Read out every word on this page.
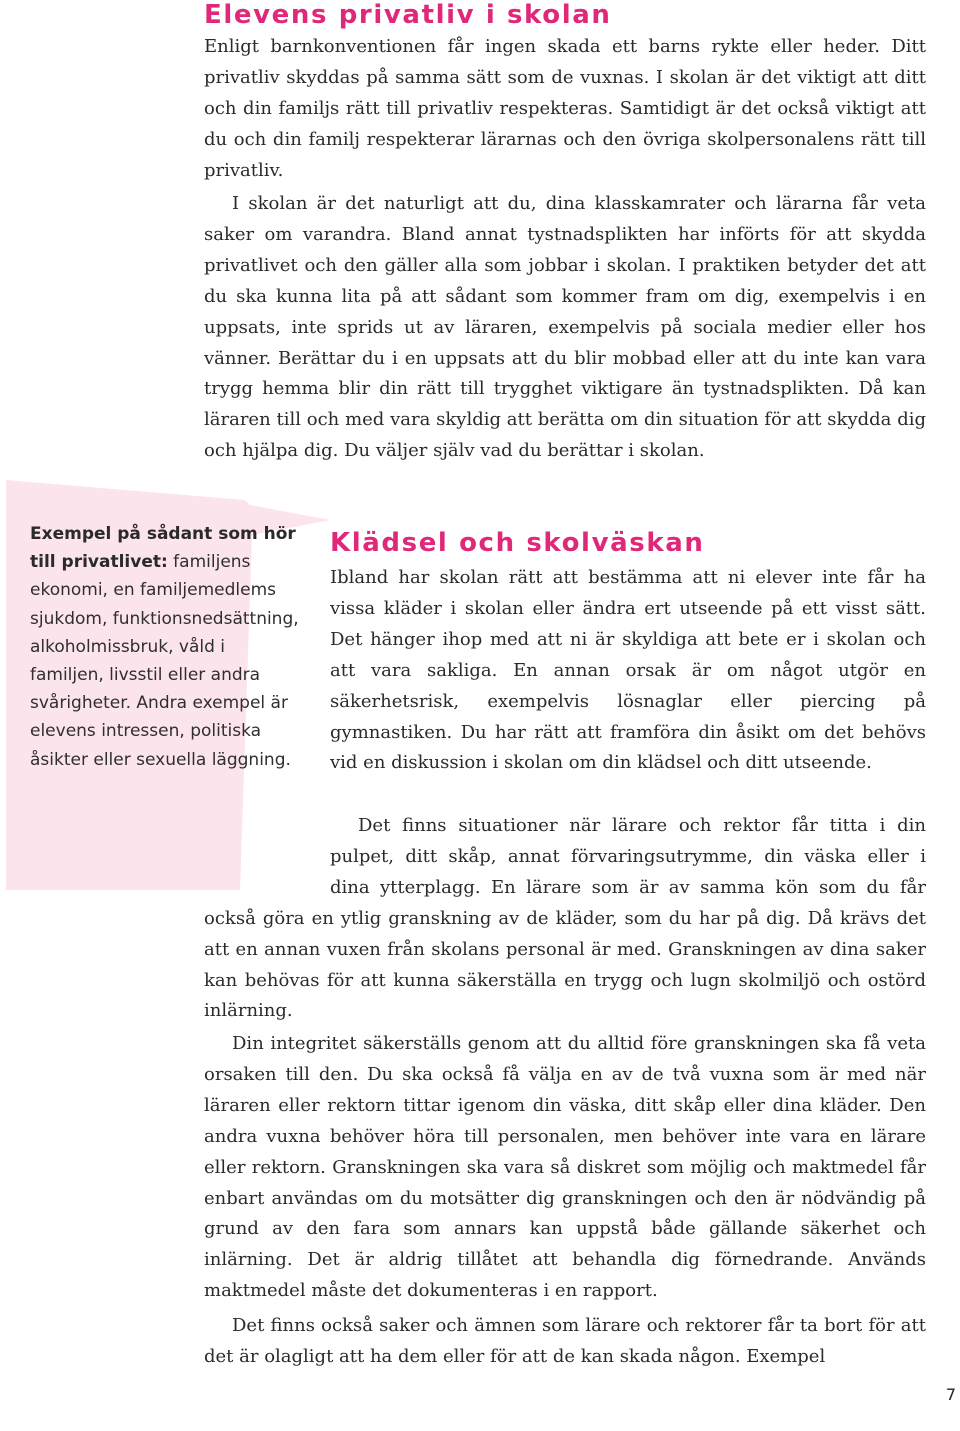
Elevens privatliv i skolan

Enligt barnkonventionen får ingen skada ett barns rykte eller heder. Ditt privatliv skyddas på samma sätt som de vuxnas. I skolan är det viktigt att ditt och din familjs rätt till privatliv respekteras. Samtidigt är det också viktigt att du och din familj respekterar lärarnas och den övriga skolpersonalens rätt till privatliv.

I skolan är det naturligt att du, dina klasskamrater och lärarna får veta saker om varandra. Bland annat tystnadsplikten har införts för att skydda privatlivet och den gäller alla som jobbar i skolan. I praktiken betyder det att du ska kunna lita på att sådant som kommer fram om dig, exempelvis i en uppsats, inte sprids ut av läraren, exempelvis på sociala medier eller hos vänner. Berättar du i en uppsats att du blir mobbad eller att du inte kan vara trygg hemma blir din rätt till trygghet viktigare än tystnadsplikten. Då kan läraren till och med vara skyldig att berätta om din situation för att skydda dig och hjälpa dig. Du väljer själv vad du berättar i skolan.

Exempel på sådant som hör till privatlivet: familjens ekonomi, en familjemedlems sjukdom, funktionsnedsättning, alkoholmissbruk, våld i familjen, livsstil eller andra svårigheter. Andra exempel är elevens intressen, politiska åsikter eller sexuella läggning.

Klädsel och skolväskan

Ibland har skolan rätt att bestämma att ni elever inte får ha vissa kläder i skolan eller ändra ert utseende på ett visst sätt. Det hänger ihop med att ni är skyldiga att bete er i skolan och att vara sakliga. En annan orsak är om något utgör en säkerhetsrisk, exempelvis lösnaglar eller piercing på gymnastiken. Du har rätt att framföra din åsikt om det behövs vid en diskussion i skolan om din klädsel och ditt utseende.

Det finns situationer när lärare och rektor får titta i din pulpet, ditt skåp, annat förvaringsutrymme, din väska eller i dina ytterplagg. En lärare som är av samma kön som du får också göra en ytlig granskning av de kläder, som du har på dig. Då krävs det att en annan vuxen från skolans personal är med. Granskningen av dina saker kan behövas för att kunna säkerställa en trygg och lugn skolmiljö och ostörd inlärning.

Din integritet säkerställs genom att du alltid före granskningen ska få veta orsaken till den. Du ska också få välja en av de två vuxna som är med när läraren eller rektorn tittar igenom din väska, ditt skåp eller dina kläder. Den andra vuxna behöver höra till personalen, men behöver inte vara en lärare eller rektorn. Granskningen ska vara så diskret som möjlig och maktmedel får enbart användas om du motsätter dig granskningen och den är nödvändig på grund av den fara som annars kan uppstå både gällande säkerhet och inlärning. Det är aldrig tillåtet att behandla dig förnedrande. Används maktmedel måste det dokumenteras i en rapport.

Det finns också saker och ämnen som lärare och rektorer får ta bort för att det är olagligt att ha dem eller för att de kan skada någon. Exempel

7
